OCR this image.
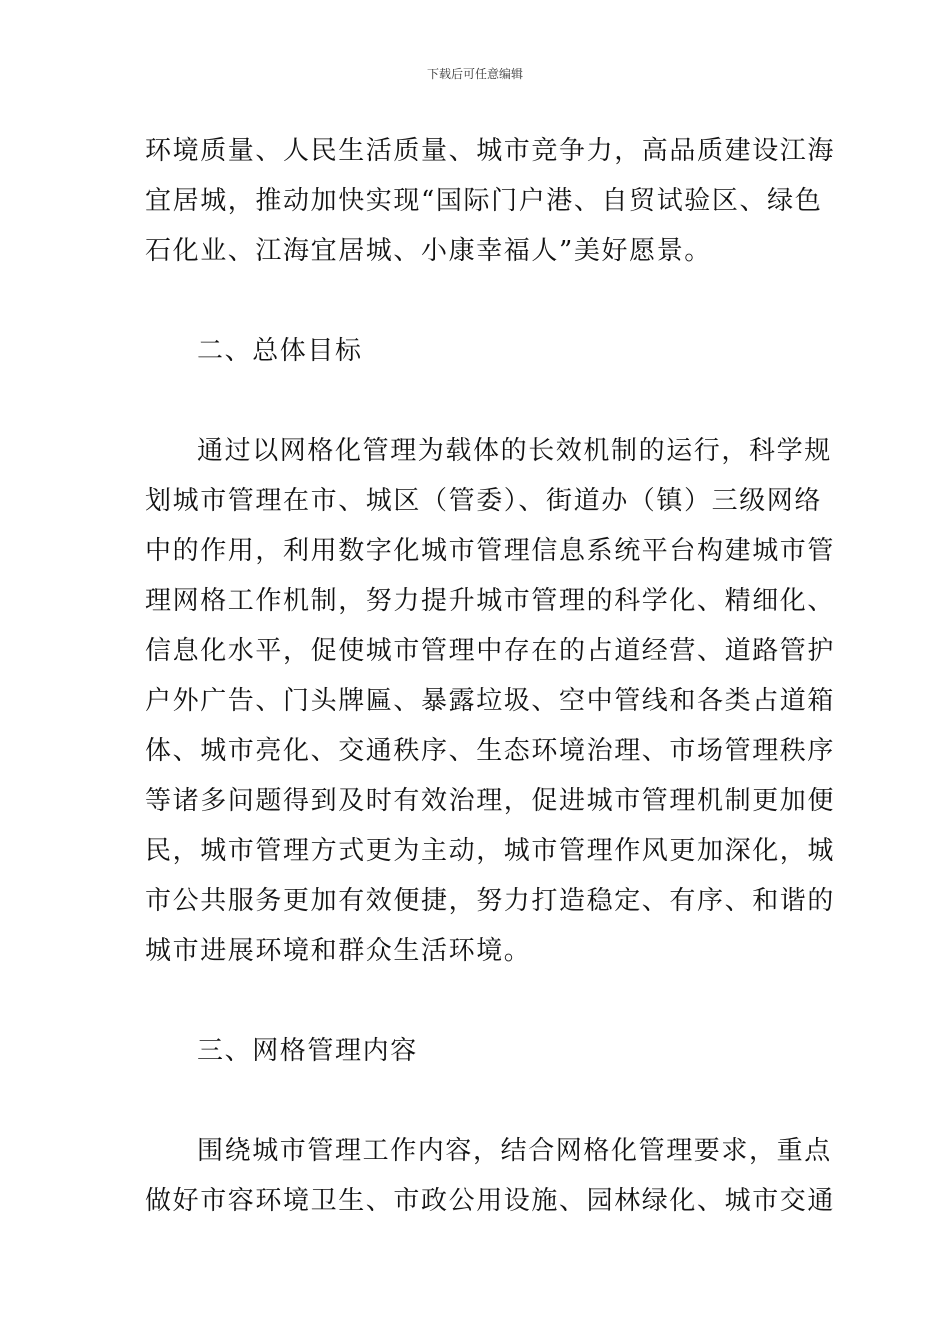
下载后可任意编辑
环境质量、人民生活质量、城市竞争力，高品质建设江海
宜居城，推动加快实现“国际门户港、自贸试验区、绿色
石化业、江海宜居城、小康幸福人”美好愿景。
二、总体目标
通过以网格化管理为载体的长效机制的运行，科学规
划城市管理在市、城区（管委）、街道办（镇）三级网络
中的作用，利用数字化城市管理信息系统平台构建城市管
理网格工作机制，努力提升城市管理的科学化、精细化、
信息化水平，促使城市管理中存在的占道经营、道路管护
户外广告、门头牌匾、暴露垃圾、空中管线和各类占道箱
体、城市亮化、交通秩序、生态环境治理、市场管理秩序
等诸多问题得到及时有效治理，促进城市管理机制更加便
民，城市管理方式更为主动，城市管理作风更加深化，城
市公共服务更加有效便捷，努力打造稳定、有序、和谐的
城市进展环境和群众生活环境。
三、网格管理内容
围绕城市管理工作内容，结合网格化管理要求，重点
做好市容环境卫生、市政公用设施、园林绿化、城市交通
